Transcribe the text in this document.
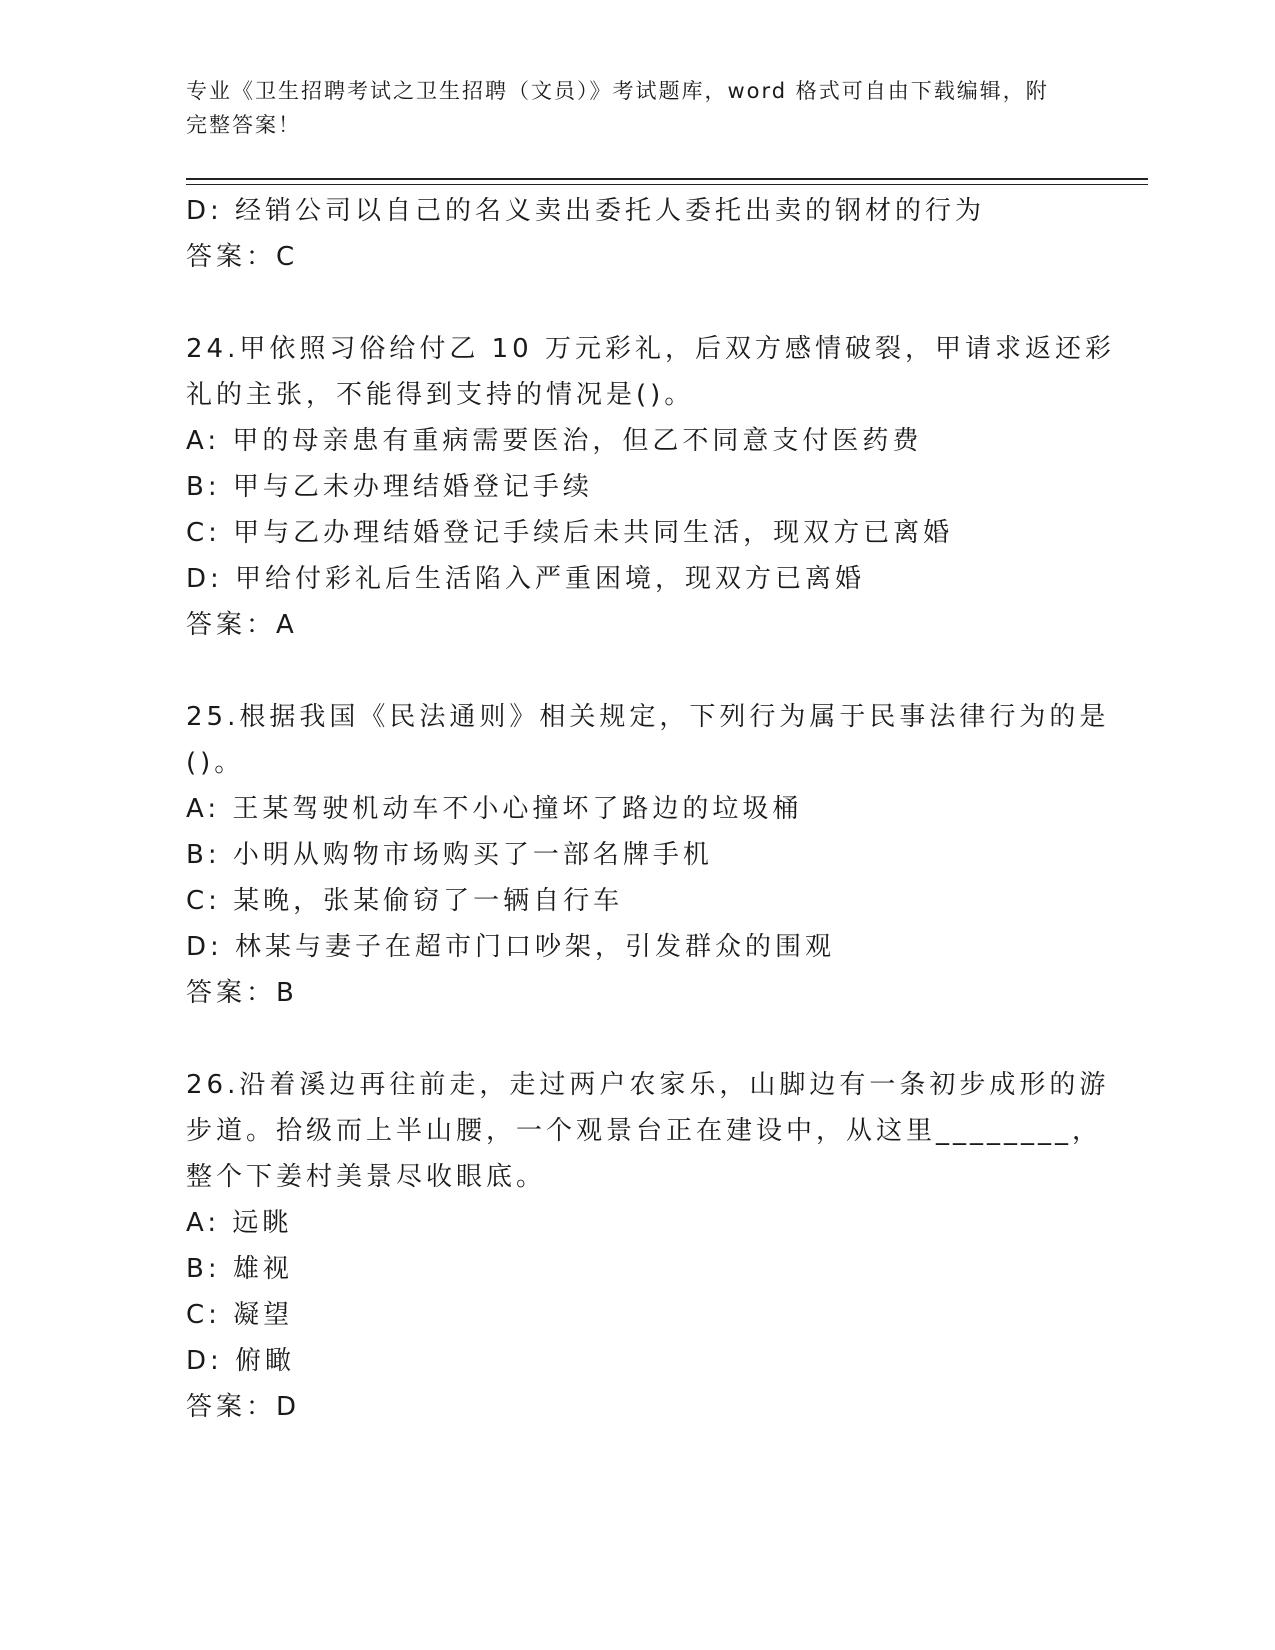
专业《卫生招聘考试之卫生招聘（文员）》考试题库，word 格式可自由下载编辑，附完整答案！
D: 经销公司以自己的名义卖出委托人委托出卖的钢材的行为
答案：C
24.甲依照习俗给付乙 10 万元彩礼，后双方感情破裂，甲请求返还彩
礼的主张，不能得到支持的情况是()。
A: 甲的母亲患有重病需要医治，但乙不同意支付医药费
B: 甲与乙未办理结婚登记手续
C: 甲与乙办理结婚登记手续后未共同生活，现双方已离婚
D: 甲给付彩礼后生活陷入严重困境，现双方已离婚
答案：A
25.根据我国《民法通则》相关规定，下列行为属于民事法律行为的是
()。
A: 王某驾驶机动车不小心撞坏了路边的垃圾桶
B: 小明从购物市场购买了一部名牌手机
C: 某晚，张某偷窃了一辆自行车
D: 林某与妻子在超市门口吵架，引发群众的围观
答案：B
26.沿着溪边再往前走，走过两户农家乐，山脚边有一条初步成形的游
步道。拾级而上半山腰，一个观景台正在建设中，从这里________，
整个下姜村美景尽收眼底。
A: 远眺
B: 雄视
C: 凝望
D: 俯瞰
答案：D
